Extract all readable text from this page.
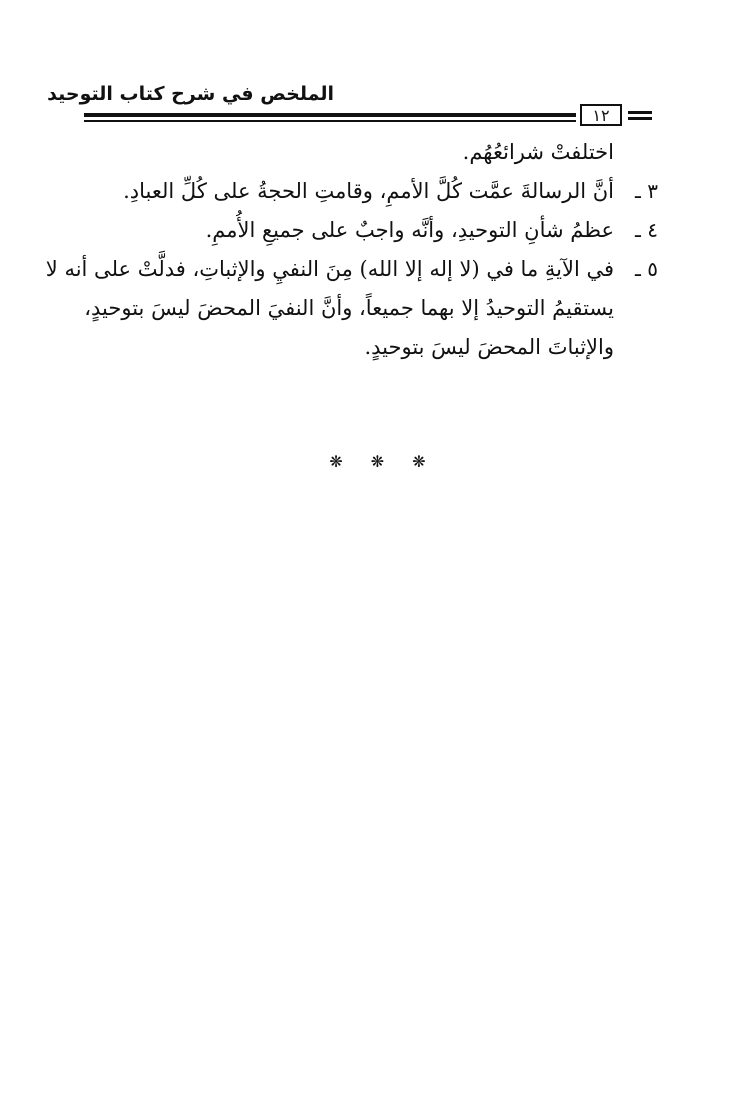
الملخص في شرح كتاب التوحيد
١٢
اختلفتْ شرائعُهُم.
٣ ـأنَّ الرسالةَ عمَّت كُلَّ الأممِ، وقامتِ الحجةُ على كُلِّ العبادِ.
٤ ـعظمُ شأنِ التوحيدِ، وأنَّه واجبٌ على جميعِ الأُممِ.
٥ ـفي الآيةِ ما في (لا إله إلا الله) مِنَ النفيِ والإثباتِ، فدلَّتْ على أنه لا
يستقيمُ التوحيدُ إلا بهما جميعاً، وأنَّ النفيَ المحضَ ليسَ بتوحيدٍ،
والإثباتَ المحضَ ليسَ بتوحيدٍ.
❋ ❋ ❋
